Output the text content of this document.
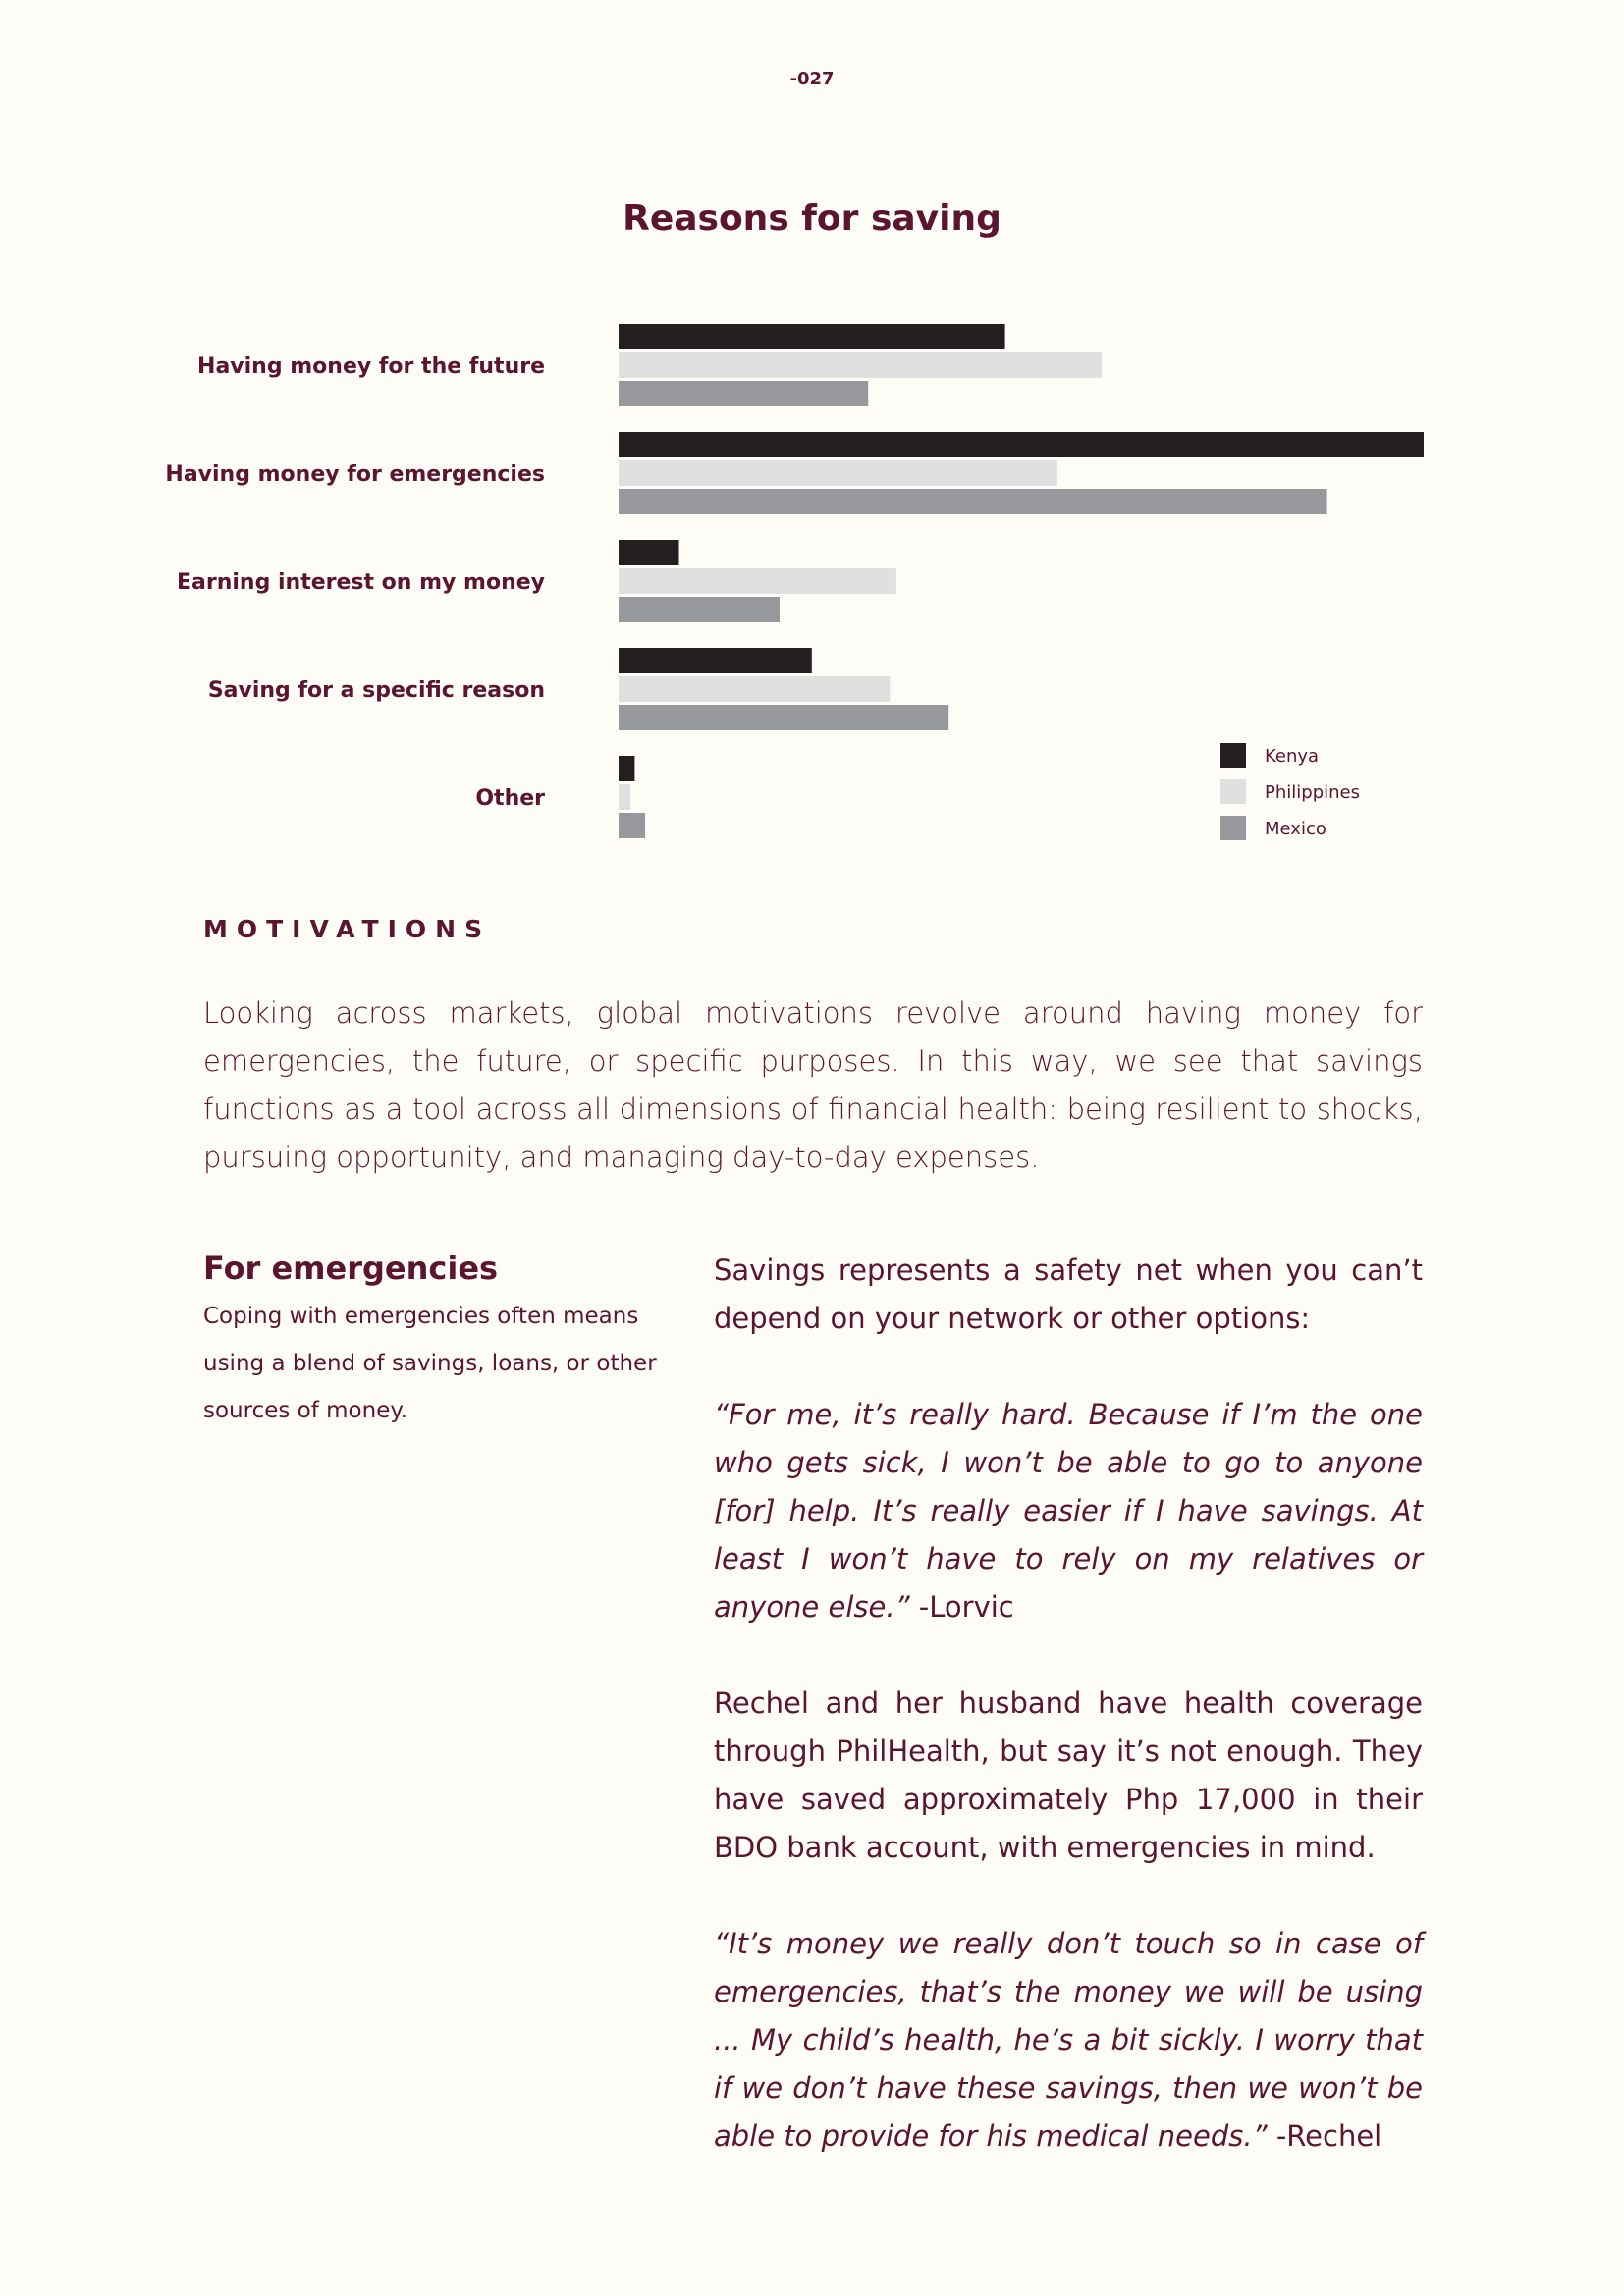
-027
Reasons for saving
Having money for the future
Having money for emergencies
Earning interest on my money
Saving for a specific reason
Other
Kenya
Philippines
Mexico
MOTIVATIONS

Looking across markets, global motivations revolve around having money for emergencies, the future, or specific purposes. In this way, we see that savings functions as a tool across all dimensions of financial health: being resilient to shocks, pursuing opportunity, and managing day-to-day expenses.

For emergencies

Coping with emergencies often means using a blend of savings, loans, or other sources of money.

Savings represents a safety net when you can’t depend on your network or other options:

“For me, it’s really hard. Because if I’m the one who gets sick, I won’t be able to go to anyone [for] help. It’s really easier if I have savings. At least I won’t have to rely on my relatives or anyone else.” -Lorvic

Rechel and her husband have health coverage through PhilHealth, but say it’s not enough. They have saved approximately Php 17,000 in their BDO bank account, with emergencies in mind.

“It’s money we really don’t touch so in case of emergencies, that’s the money we will be using ... My child’s health, he’s a bit sickly. I worry that if we don’t have these savings, then we won’t be able to provide for his medical needs.” -Rechel
